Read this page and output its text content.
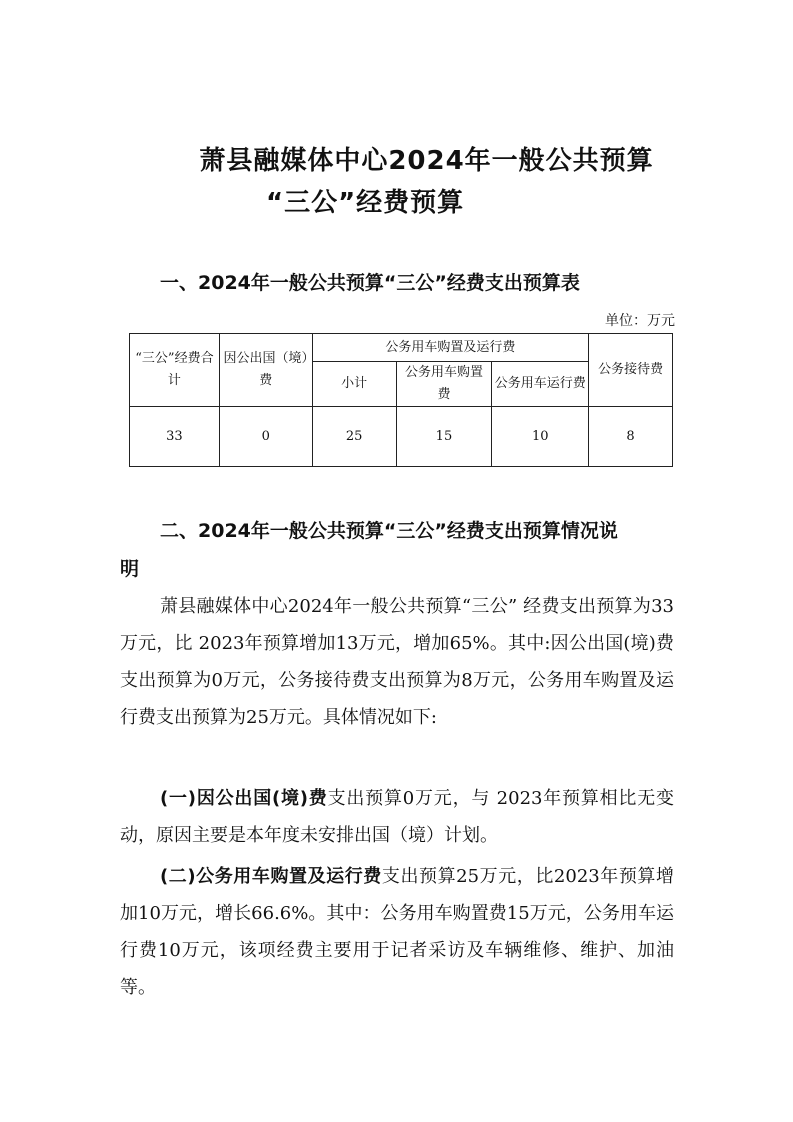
萧县融媒体中心2024年一般公共预算
“三公”经费预算
一、2024年一般公共预算“三公”经费支出预算表
单位：万元
“三公”经费合计	因公出国（境）费	公务用车购置及运行费			公务接待费
		小计	公务用车购置费	公务用车运行费	
33	0	25	15	10	8
二、2024年一般公共预算“三公”经费支出预算情况说
明

萧县融媒体中心2024年一般公共预算“三公” 经费支出预算为33万元，比 2023年预算增加13万元，增加65%。其中:因公出国(境)费支出预算为0万元，公务接待费支出预算为8万元，公务用车购置及运行费支出预算为25万元。具体情况如下:

(一)因公出国(境)费支出预算0万元，与 2023年预算相比无变动，原因主要是本年度未安排出国（境）计划。

(二)公务用车购置及运行费支出预算25万元，比2023年预算增加10万元，增长66.6%。其中：公务用车购置费15万元，公务用车运行费10万元，该项经费主要用于记者采访及车辆维修、维护、加油等。
